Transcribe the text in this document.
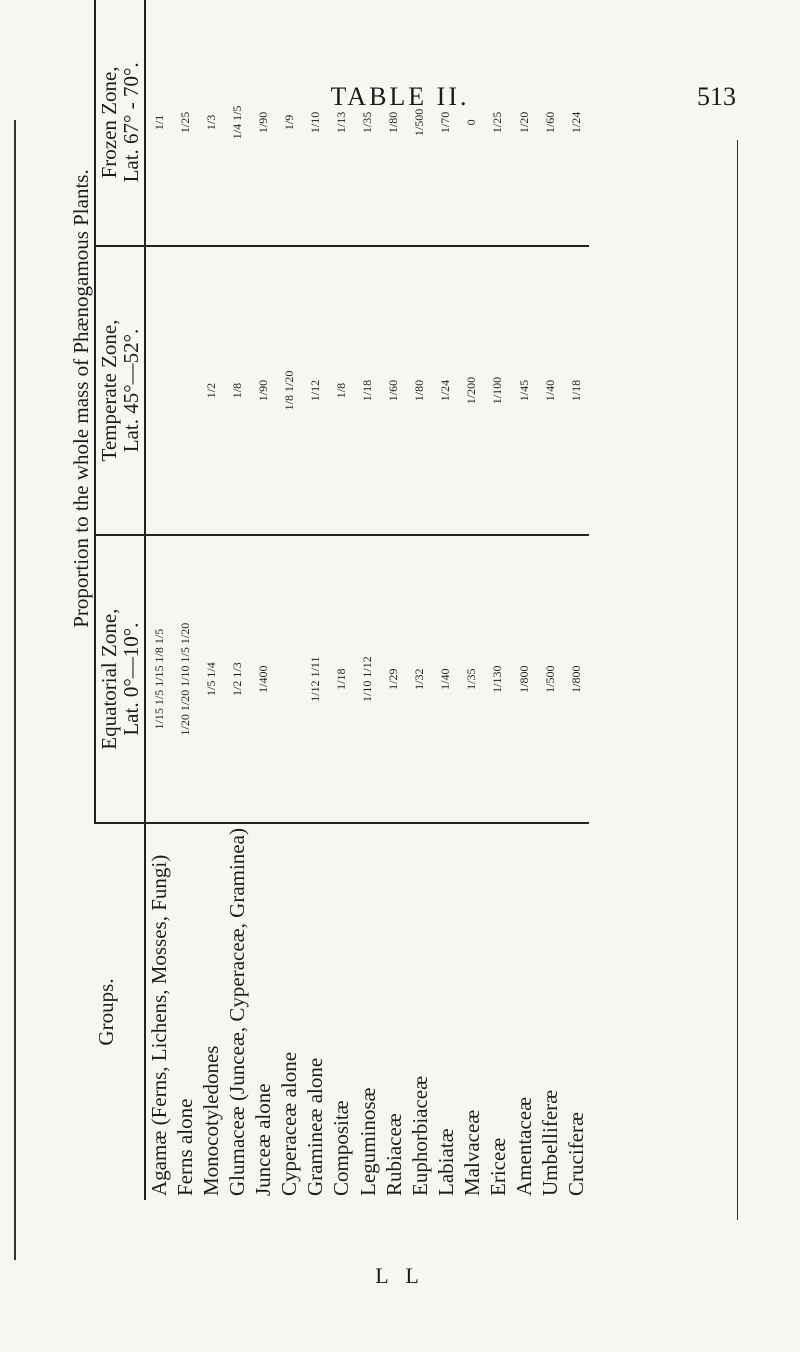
TABLE II.	513
Groups.	Proportion to the whole mass of Phænogamous Plants.		
	Equatorial Zone,
Lat. 0°—10°.	Temperate Zone,
Lat. 45°—52°.	Frozen Zone,
Lat. 67° - 70°.
Agamæ (Ferns, Lichens, Mosses, Fungi)	1/15 1/5 1/15 1/8 1/5		1/1
Ferns alone	1/20 1/20 1/10 1/5 1/20		1/25
Monocotyledones	1/5 1/4	1/2	1/3
Glumaceæ (Junceæ, Cyperaceæ, Graminea)	1/2 1/3	1/8	1/4 1/5
Junceæ alone	1/400	1/90	1/90
Cyperaceæ alone		1/8 1/20	1/9
Gramineæ alone	1/12 1/11	1/12	1/10
Compositæ	1/18	1/8	1/13
Leguminosæ	1/10 1/12	1/18	1/35
Rubiaceæ	1/29	1/60	1/80
Euphorbiaceæ	1/32	1/80	1/500
Labiatæ	1/40	1/24	1/70
Malvaceæ	1/35	1/200	0
Ericeæ	1/130	1/100	1/25
Amentaceæ	1/800	1/45	1/20
Umbelliferæ	1/500	1/40	1/60
Cruciferæ	1/800	1/18	1/24
L L
